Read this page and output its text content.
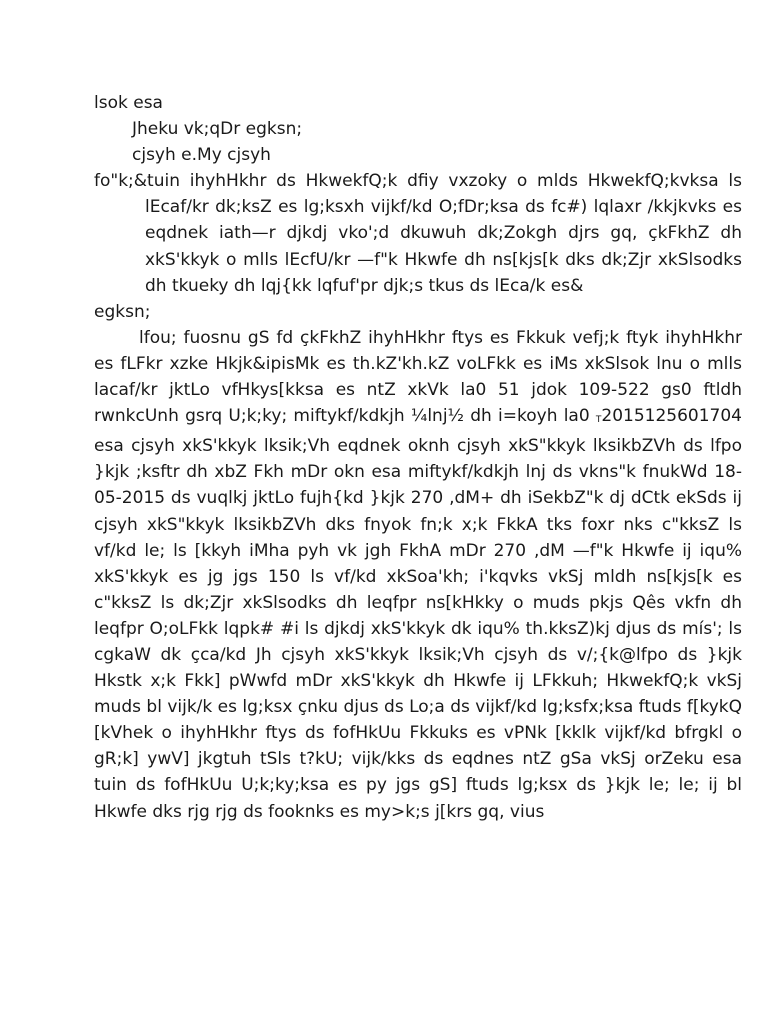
lsok esa
Jheku vk;qDr egksn;
cjsyh e.My cjsyh
fo"k;&tuin ihyhHkhr ds HkwekfQ;k dfiy vxzoky o mlds HkwekfQ;kvksa ls lEcaf/kr dk;ksZ es lg;ksxh vijkf/kd O;fDr;ksa ds fc#) lqlaxr /kkjkvks es eqdnek iath—r djkdj vko';d dkuwuh dk;Zokgh djrs gq, çkFkhZ dh xkS'kkyk o mlls lEcfU/kr —f"k Hkwfe dh ns[kjs[k dks dk;Zjr xkSlsodks dh tkueky dh lqj{kk lqfuf'pr djk;s tkus ds lEca/k es&
egksn;
lfou; fuosnu gS fd çkFkhZ ihyhHkhr ftys es Fkkuk vefj;k ftyk ihyhHkhr es fLFkr xzke Hkjk&ipisMk es th.kZ'kh.kZ voLFkk es iMs xkSlsok lnu o mlls lacaf/kr jktLo vfHkys[kksa es ntZ xkVk la0 51 jdok 109-522 gs0 ftldh rwnkcUnh gsrq U;k;ky; miftykf/kdkjh ¼lnj½ dh i=koyh la0 T2015125601704 esa cjsyh xkS'kkyk lksik;Vh eqdnek oknh cjsyh xkS"kkyk lksikbZVh ds lfpo }kjk ;ksftr dh xbZ Fkh mDr okn esa miftykf/kdkjh lnj ds vkns"k fnukWd 18-05-2015 ds vuqlkj jktLo fujh{kd }kjk 270 ,dM+ dh iSekbZ"k dj dCtk ekSds ij cjsyh xkS"kkyk lksikbZVh dks fnyok fn;k x;k FkkA tks foxr nks c"kksZ ls vf/kd le; ls [kkyh iMha pyh vk jgh FkhA mDr 270 ,dM —f"k Hkwfe ij iqu% xkS'kkyk es jg jgs 150 ls vf/kd xkSoa'kh; i'kqvks vkSj mldh ns[kjs[k es c"kksZ ls dk;Zjr xkSlsodks dh leqfpr ns[kHkky o muds pkjs Qês vkfn dh leqfpr O;oLFkk lqpk# #i ls djkdj xkS'kkyk dk iqu% th.kksZ)kj djus ds mís'; ls cgkaW dk çca/kd Jh cjsyh xkS'kkyk lksik;Vh cjsyh ds v/;{k@lfpo ds }kjk Hkstk x;k Fkk] pWwfd mDr xkS'kkyk dh Hkwfe ij LFkkuh; HkwekfQ;k vkSj muds bl vijk/k es lg;ksx çnku djus ds Lo;a ds vijkf/kd lg;ksfx;ksa ftuds f[kykQ [kVhek o ihyhHkhr ftys ds fofHkUu Fkkuks es vPNk [kklk vijkf/kd bfrgkl o gR;k] ywV] jkgtuh tSls t?kU; vijk/kks ds eqdnes ntZ gSa vkSj orZeku esa tuin ds fofHkUu U;k;ky;ksa es py jgs gS] ftuds lg;ksx ds }kjk le; le; ij bl Hkwfe dks rjg rjg ds fooknks es my>k;s j[krs gq, vius
